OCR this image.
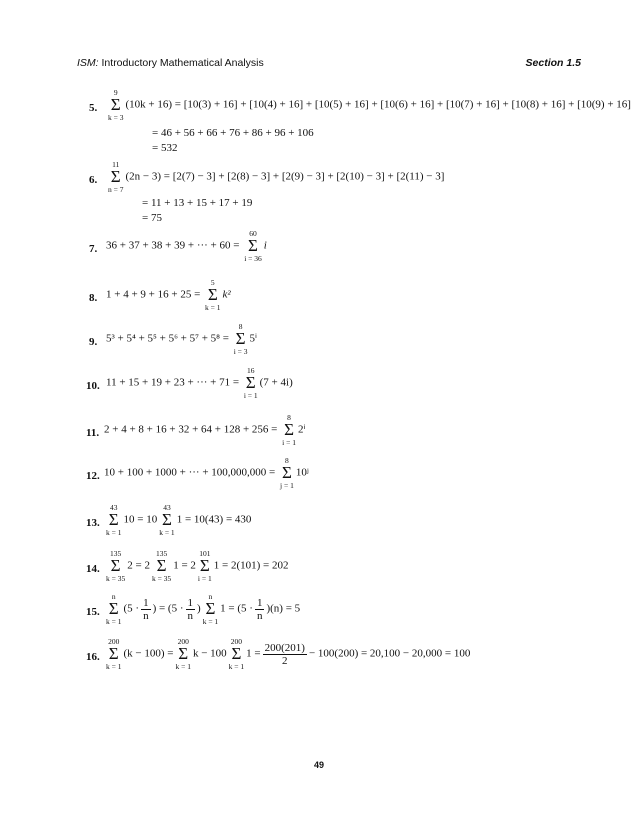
ISM: Introductory Mathematical Analysis	Section 1.5
5.
9
Σ
k = 3
(10k + 16) = [10(3) + 16] + [10(4) + 16] + [10(5) + 16] + [10(6) + 16] + [10(7) + 16] + [10(8) + 16] + [10(9) + 16]
= 46 + 56 + 66 + 76 + 86 + 96 + 106
= 532
6.
11
Σ
n = 7
(2n − 3) = [2(7) − 3] + [2(8) − 3] + [2(9) − 3] + [2(10) − 3] + [2(11) − 3]
= 11 + 13 + 15 + 17 + 19
= 75
7. 36 + 37 + 38 + 39 + ··· + 60 =
60
Σ
i = 36
i
8. 1 + 4 + 9 + 16 + 25 =
5
Σ
k = 1
k²
9. 5³ + 5⁴ + 5⁵ + 5⁶ + 5⁷ + 5⁸ =
8
Σ
i = 3
5ⁱ
10. 11 + 15 + 19 + 23 + ··· + 71 =
16
Σ
i = 1
(7 + 4i)
11. 2 + 4 + 8 + 16 + 32 + 64 + 128 + 256 =
8
Σ
i = 1
2ⁱ
12. 10 + 100 + 1000 + ··· + 100,000,000 =
8
Σ
j = 1
10ʲ
13.
43
Σ
k = 1
10 = 10
43
Σ
k = 1
1 = 10(43) = 430
14.
135
Σ
k = 35
2 = 2
135
Σ
k = 35
1 = 2
101
Σ
i = 1
1 = 2(101) = 202
15.
n
Σ
k = 1
($5 \cdot \frac{1}{n}$ ) = ($5 \cdot \frac{1}{n}$ )
n
Σ
k = 1
$1 = (5 \cdot \frac{1}{n} )(n) = 5$
16.
200
Σ
k = 1
(k − 100) =
200
Σ
k = 1
k − 100
200
Σ
k = 1
$1 = \frac{200(201)}{2} - 100(200) = 20,100 - 20,000 = 100$
49
